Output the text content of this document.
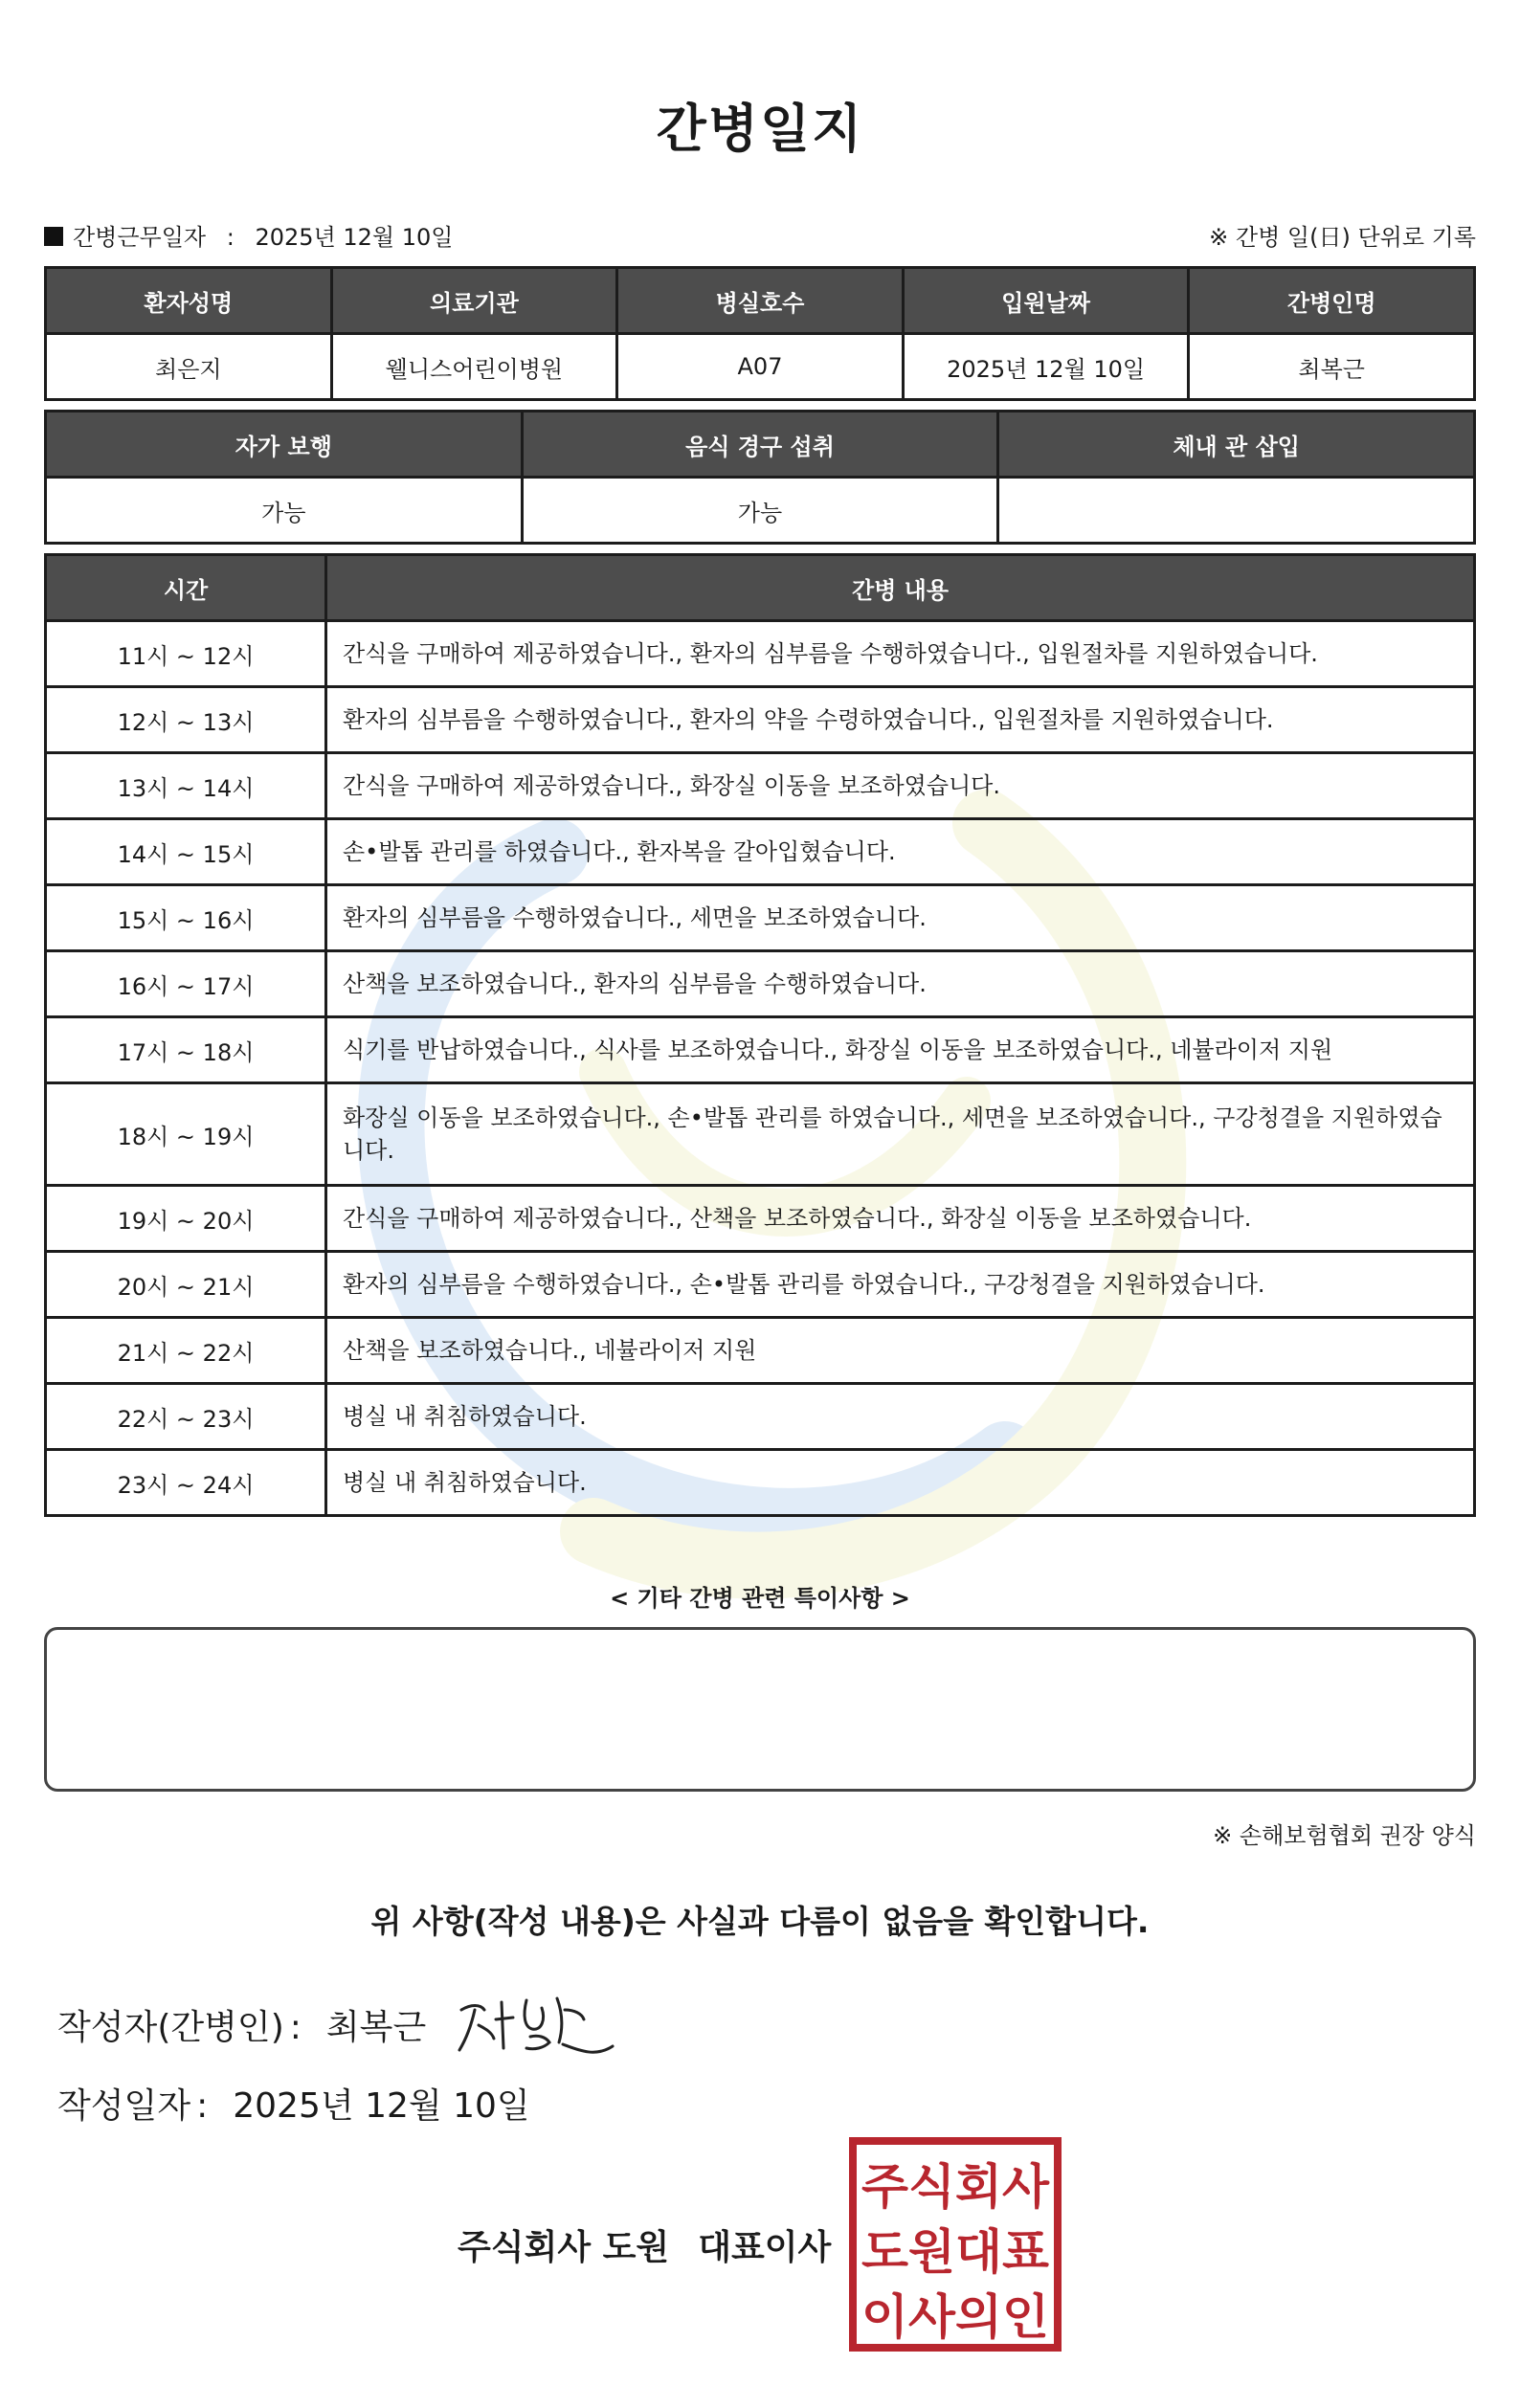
간병일지
간병근무일자 : 2025년 12월 10일	※ 간병 일(日) 단위로 기록
환자성명	의료기관	병실호수	입원날짜	간병인명
최은지	웰니스어린이병원	A07	2025년 12월 10일	최복근
자가 보행	음식 경구 섭취	체내 관 삽입
가능	가능	
시간	간병 내용
11시 ~ 12시	간식을 구매하여 제공하였습니다., 환자의 심부름을 수행하였습니다., 입원절차를 지원하였습니다.
12시 ~ 13시	환자의 심부름을 수행하였습니다., 환자의 약을 수령하였습니다., 입원절차를 지원하였습니다.
13시 ~ 14시	간식을 구매하여 제공하였습니다., 화장실 이동을 보조하였습니다.
14시 ~ 15시	손•발톱 관리를 하였습니다., 환자복을 갈아입혔습니다.
15시 ~ 16시	환자의 심부름을 수행하였습니다., 세면을 보조하였습니다.
16시 ~ 17시	산책을 보조하였습니다., 환자의 심부름을 수행하였습니다.
17시 ~ 18시	식기를 반납하였습니다., 식사를 보조하였습니다., 화장실 이동을 보조하였습니다., 네뷸라이저 지원
18시 ~ 19시	화장실 이동을 보조하였습니다., 손•발톱 관리를 하였습니다., 세면을 보조하였습니다., 구강청결을 지원하였습니다.
19시 ~ 20시	간식을 구매하여 제공하였습니다., 산책을 보조하였습니다., 화장실 이동을 보조하였습니다.
20시 ~ 21시	환자의 심부름을 수행하였습니다., 손•발톱 관리를 하였습니다., 구강청결을 지원하였습니다.
21시 ~ 22시	산책을 보조하였습니다., 네뷸라이저 지원
22시 ~ 23시	병실 내 취침하였습니다.
23시 ~ 24시	병실 내 취침하였습니다.
< 기타 간병 관련 특이사항 >
※ 손해보험협회 권장 양식
위 사항(작성 내용)은 사실과 다름이 없음을 확인합니다.
작성자(간병인) : 최복근
작성일자 : 2025년 12월 10일
주식회사 도원 대표이사
주식회사
도원대표
이사의인
